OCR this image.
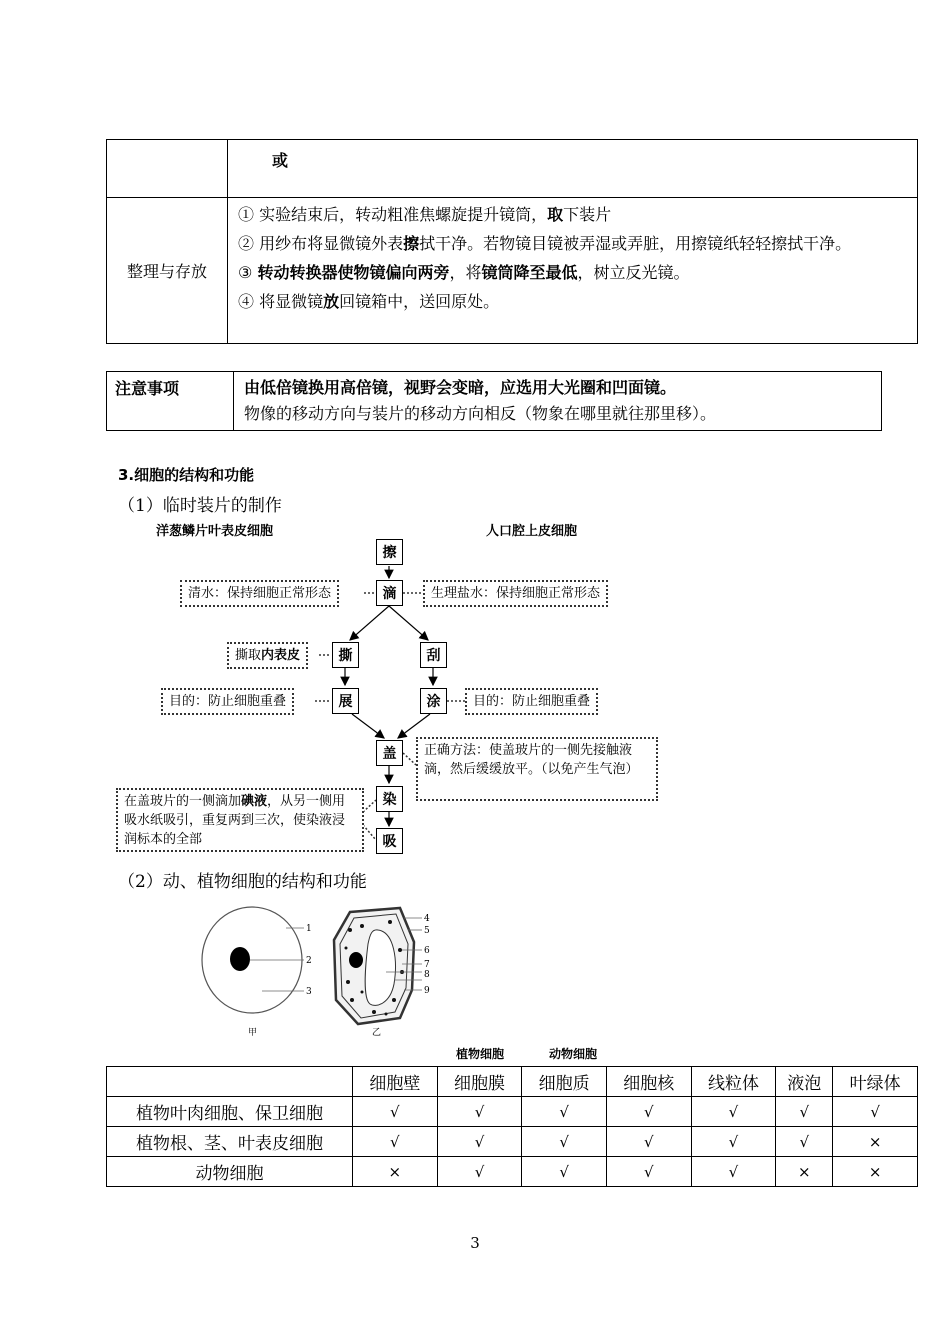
	或
整理与存放	① 实验结束后，转动粗准焦螺旋提升镜筒，取下装片
② 用纱布将显微镜外表擦拭干净。若物镜目镜被弄湿或弄脏，用擦镜纸轻轻擦拭干净。
③ 转动转换器使物镜偏向两旁，将镜筒降至最低，树立反光镜。
④ 将显微镜放回镜箱中，送回原处。
注意事项	由低倍镜换用高倍镜，视野会变暗，应选用大光圈和凹面镜。
物像的移动方向与装片的移动方向相反（物象在哪里就往那里移）。
3.细胞的结构和功能
（1）临时装片的制作
洋葱鳞片叶表皮细胞	人口腔上皮细胞
擦
滴
撕	刮
展	涂
盖
染
吸
清水：保持细胞正常形态	生理盐水：保持细胞正常形态
撕取内表皮
目的：防止细胞重叠	目的：防止细胞重叠
正确方法：使盖玻片的一侧先接触液滴，然后缓缓放平。（以免产生气泡）
在盖玻片的一侧滴加碘液，从另一侧用吸水纸吸引，重复两到三次，使染液浸润标本的全部
（2）动、植物细胞的结构和功能
1
2
3
甲
4
5
6
7
8
9
乙
植物细胞	动物细胞
	细胞壁	细胞膜	细胞质	细胞核	线粒体	液泡	叶绿体
植物叶肉细胞、保卫细胞	√	√	√	√	√	√	√
植物根、茎、叶表皮细胞	√	√	√	√	√	√	×
动物细胞	×	√	√	√	√	×	×
3
